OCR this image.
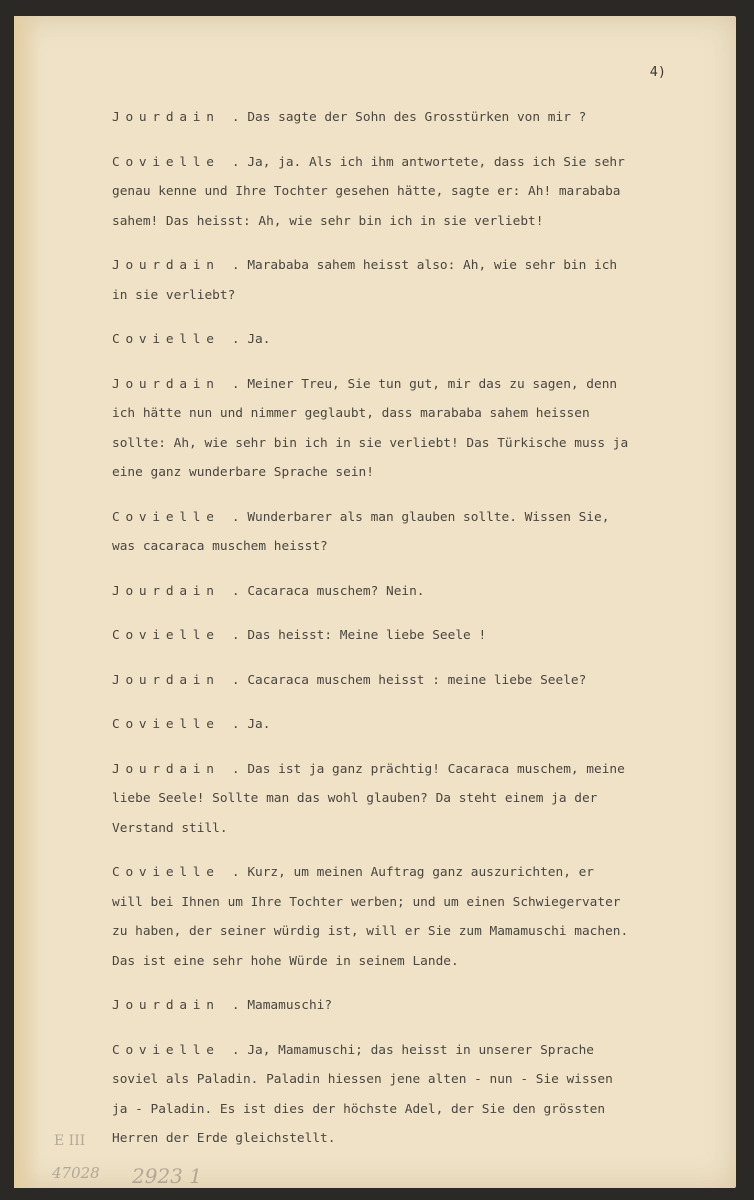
4)
Jourdain . Das sagte der Sohn des Grosstürken von mir ?
Covielle . Ja, ja. Als ich ihm antwortete, dass ich Sie sehr
genau kenne und Ihre Tochter gesehen hätte, sagte er: Ah! marababa
sahem! Das heisst: Ah, wie sehr bin ich in sie verliebt!
Jourdain . Marababa sahem heisst also: Ah, wie sehr bin ich
in sie verliebt?
Covielle . Ja.
Jourdain . Meiner Treu, Sie tun gut, mir das zu sagen, denn
ich hätte nun und nimmer geglaubt, dass marababa sahem heissen
sollte: Ah, wie sehr bin ich in sie verliebt! Das Türkische muss ja
eine ganz wunderbare Sprache sein!
Covielle . Wunderbarer als man glauben sollte. Wissen Sie,
was cacaraca muschem heisst?
Jourdain . Cacaraca muschem? Nein.
Covielle . Das heisst: Meine liebe Seele !
Jourdain . Cacaraca muschem heisst : meine liebe Seele?
Covielle . Ja.
Jourdain . Das ist ja ganz prächtig! Cacaraca muschem, meine
liebe Seele! Sollte man das wohl glauben? Da steht einem ja der
Verstand still.
Covielle . Kurz, um meinen Auftrag ganz auszurichten, er
will bei Ihnen um Ihre Tochter werben; und um einen Schwiegervater
zu haben, der seiner würdig ist, will er Sie zum Mamamuschi machen.
Das ist eine sehr hohe Würde in seinem Lande.
Jourdain . Mamamuschi?
Covielle . Ja, Mamamuschi; das heisst in unserer Sprache
soviel als Paladin. Paladin hiessen jene alten - nun - Sie wissen
ja - Paladin. Es ist dies der höchste Adel, der Sie den grössten
Herren der Erde gleichstellt.
E III
47028 2923 1
